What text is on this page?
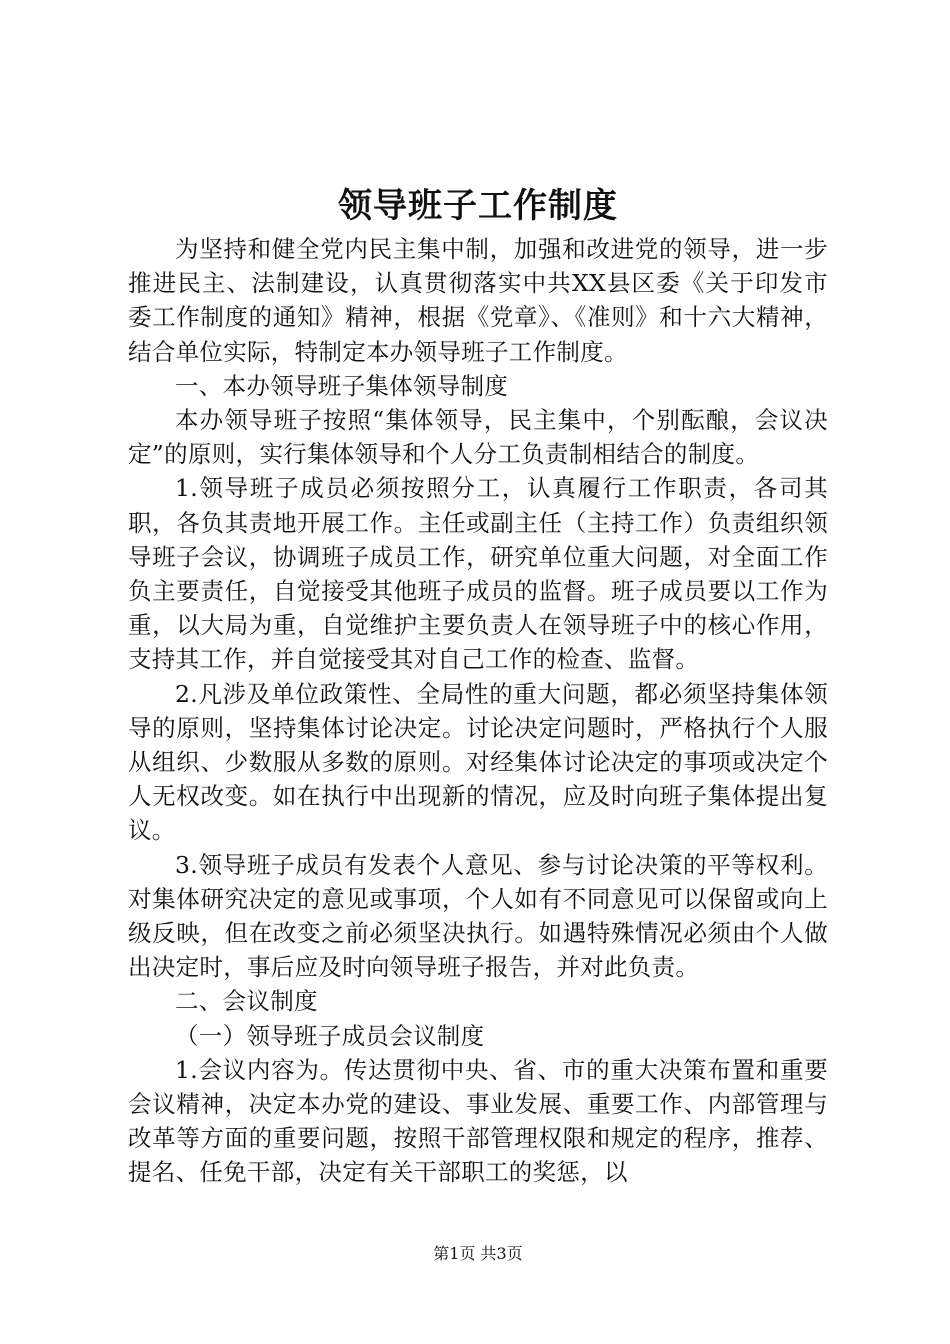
领导班子工作制度

为坚持和健全党内民主集中制，加强和改进党的领导，进一步推进民主、法制建设，认真贯彻落实中共XX县区委《关于印发市委工作制度的通知》精神，根据《党章》、《准则》和十六大精神，结合单位实际，特制定本办领导班子工作制度。

一、本办领导班子集体领导制度

本办领导班子按照“集体领导，民主集中，个别酝酿，会议决定”的原则，实行集体领导和个人分工负责制相结合的制度。

1.领导班子成员必须按照分工，认真履行工作职责，各司其职，各负其责地开展工作。主任或副主任（主持工作）负责组织领导班子会议，协调班子成员工作，研究单位重大问题，对全面工作负主要责任，自觉接受其他班子成员的监督。班子成员要以工作为重，以大局为重，自觉维护主要负责人在领导班子中的核心作用，支持其工作，并自觉接受其对自己工作的检查、监督。

2.凡涉及单位政策性、全局性的重大问题，都必须坚持集体领导的原则，坚持集体讨论决定。讨论决定问题时，严格执行个人服从组织、少数服从多数的原则。对经集体讨论决定的事项或决定个人无权改变。如在执行中出现新的情况，应及时向班子集体提出复议。

3.领导班子成员有发表个人意见、参与讨论决策的平等权利。对集体研究决定的意见或事项，个人如有不同意见可以保留或向上级反映，但在改变之前必须坚决执行。如遇特殊情况必须由个人做出决定时，事后应及时向领导班子报告，并对此负责。

二、会议制度

（一）领导班子成员会议制度

1.会议内容为。传达贯彻中央、省、市的重大决策布置和重要会议精神，决定本办党的建设、事业发展、重要工作、内部管理与改革等方面的重要问题，按照干部管理权限和规定的程序，推荐、提名、任免干部，决定有关干部职工的奖惩，以

第1页 共3页
